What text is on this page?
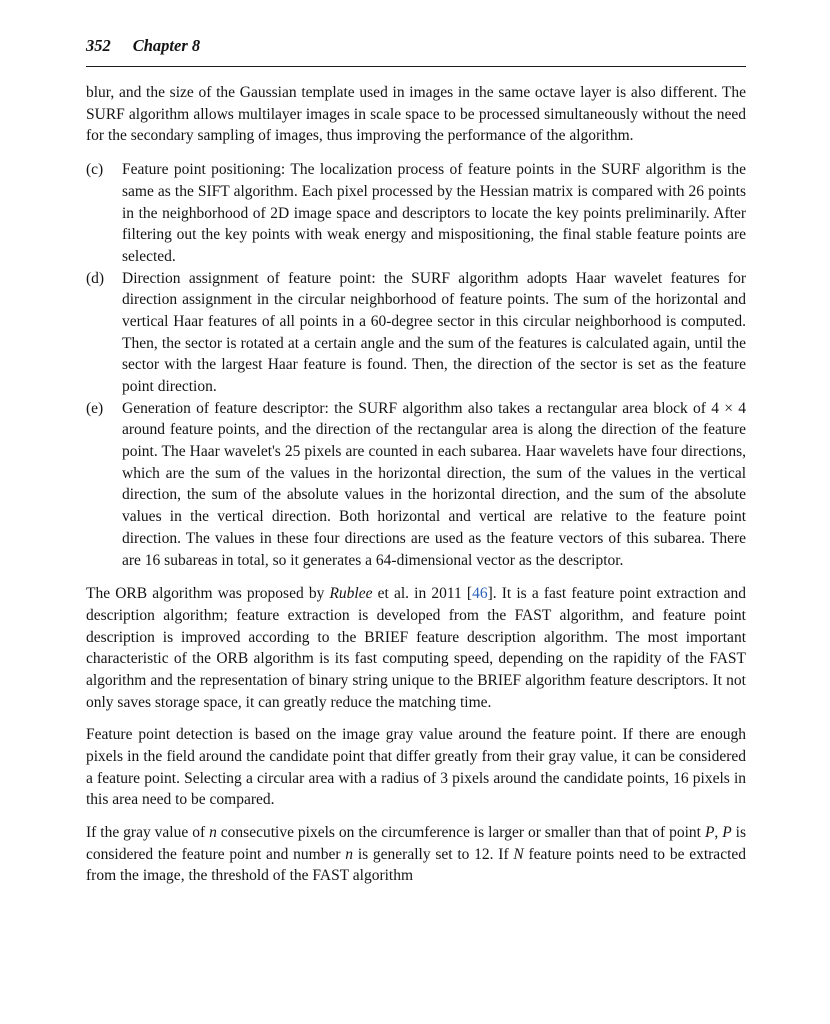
352 Chapter 8

blur, and the size of the Gaussian template used in images in the same octave layer is also different. The SURF algorithm allows multilayer images in scale space to be processed simultaneously without the need for the secondary sampling of images, thus improving the performance of the algorithm.

(c)	Feature point positioning: The localization process of feature points in the SURF algorithm is the same as the SIFT algorithm. Each pixel processed by the Hessian matrix is compared with 26 points in the neighborhood of 2D image space and descriptors to locate the key points preliminarily. After filtering out the key points with weak energy and mispositioning, the final stable feature points are selected.
(d)	Direction assignment of feature point: the SURF algorithm adopts Haar wavelet features for direction assignment in the circular neighborhood of feature points. The sum of the horizontal and vertical Haar features of all points in a 60-degree sector in this circular neighborhood is computed. Then, the sector is rotated at a certain angle and the sum of the features is calculated again, until the sector with the largest Haar feature is found. Then, the direction of the sector is set as the feature point direction.
(e)	Generation of feature descriptor: the SURF algorithm also takes a rectangular area block of 4 × 4 around feature points, and the direction of the rectangular area is along the direction of the feature point. The Haar wavelet's 25 pixels are counted in each subarea. Haar wavelets have four directions, which are the sum of the values in the horizontal direction, the sum of the values in the vertical direction, the sum of the absolute values in the horizontal direction, and the sum of the absolute values in the vertical direction. Both horizontal and vertical are relative to the feature point direction. The values in these four directions are used as the feature vectors of this subarea. There are 16 subareas in total, so it generates a 64-dimensional vector as the descriptor.

The ORB algorithm was proposed by Rublee et al. in 2011 [46]. It is a fast feature point extraction and description algorithm; feature extraction is developed from the FAST algorithm, and feature point description is improved according to the BRIEF feature description algorithm. The most important characteristic of the ORB algorithm is its fast computing speed, depending on the rapidity of the FAST algorithm and the representation of binary string unique to the BRIEF algorithm feature descriptors. It not only saves storage space, it can greatly reduce the matching time.

Feature point detection is based on the image gray value around the feature point. If there are enough pixels in the field around the candidate point that differ greatly from their gray value, it can be considered a feature point. Selecting a circular area with a radius of 3 pixels around the candidate points, 16 pixels in this area need to be compared.

If the gray value of n consecutive pixels on the circumference is larger or smaller than that of point P, P is considered the feature point and number n is generally set to 12. If N feature points need to be extracted from the image, the threshold of the FAST algorithm
